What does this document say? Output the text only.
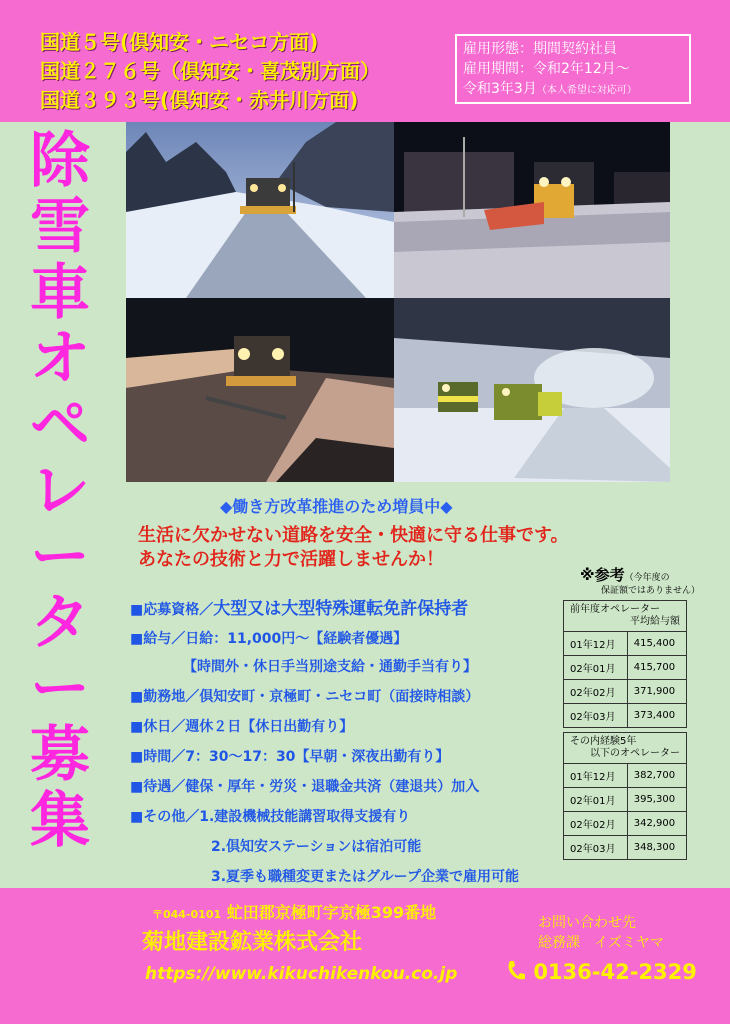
国道５号(倶知安・ニセコ方面)
国道２７６号（倶知安・喜茂別方面）
国道３９３号(倶知安・赤井川方面)
雇用形態：期間契約社員
雇用期間：令和2年12月～
令和3年3月（本人希望に対応可）
除
雪
車
オ
ペ
レ
ー
タ
ー
募
集
◆働き方改革推進のため増員中◆
生活に欠かせない道路を安全・快適に守る仕事です。
あなたの技術と力で活躍しませんか！
■応募資格／大型又は大型特殊運転免許保持者
■給与／日給：11,000円～【経験者優遇】
【時間外・休日手当別途支給・通勤手当有り】
■勤務地／倶知安町・京極町・ニセコ町（面接時相談）
■休日／週休２日【休日出勤有り】
■時間／7：30～17：30【早朝・深夜出勤有り】
■待遇／健保・厚年・労災・退職金共済（建退共）加入
■その他／1.建設機械技能講習取得支援有り
2.倶知安ステーションは宿泊可能
3.夏季も職種変更またはグループ企業で雇用可能
※参考（今年度の
保証額ではありません）
前年度オペレーター
平均給与額	

01年12月	415,400
02年01月	415,700
02年02月	371,900
02年03月	373,400
その内経験5年
以下のオペレーター	

01年12月	382,700
02年01月	395,300
02年02月	342,900
02年03月	348,300
〒044-0101 虻田郡京極町字京極399番地
菊地建設鉱業株式会社
https://www.kikuchikenkou.co.jp
お問い合わせ先
総務課　イズミヤマ
0136-42-2329
